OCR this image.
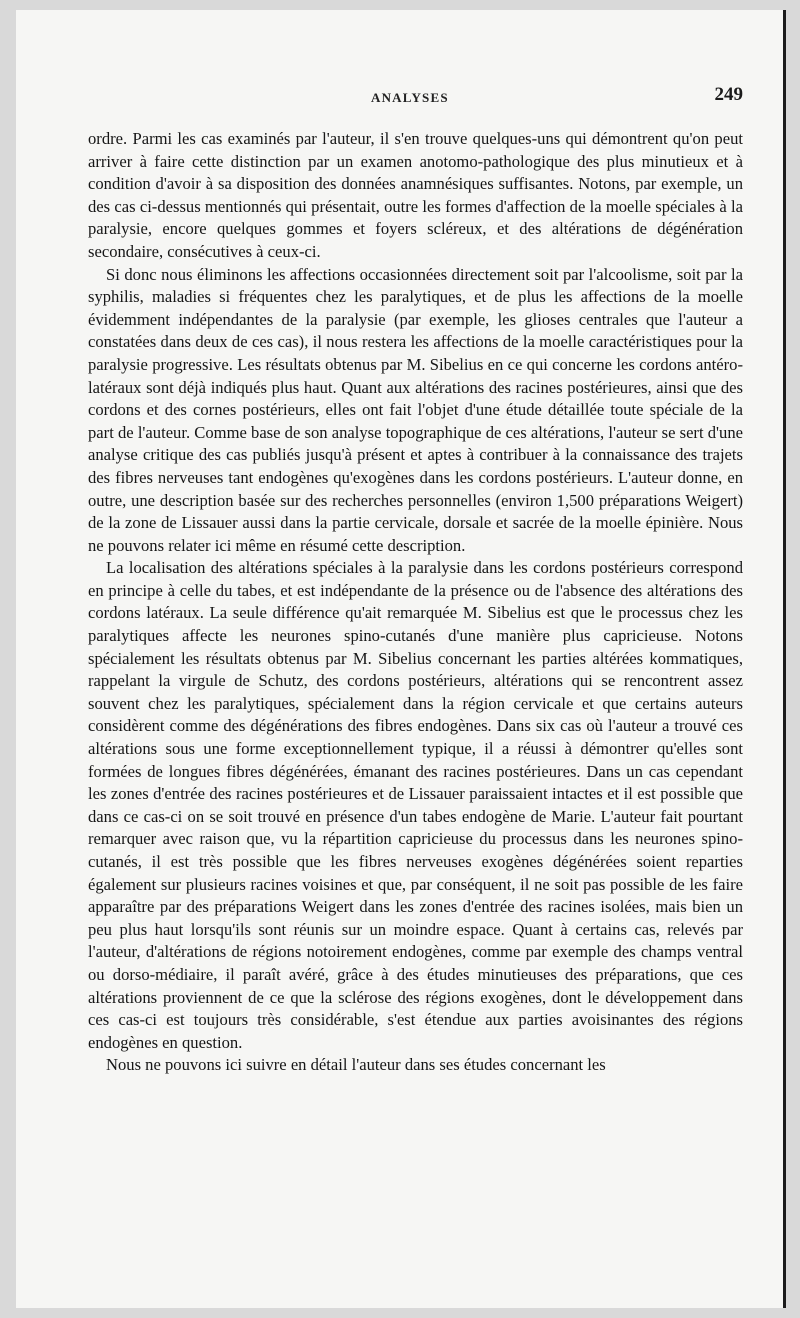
ANALYSES	249

ordre. Parmi les cas examinés par l'auteur, il s'en trouve quelques-uns qui démontrent qu'on peut arriver à faire cette distinction par un examen anotomo-pathologique des plus minutieux et à condition d'avoir à sa disposition des données anamnésiques suffisantes. Notons, par exemple, un des cas ci-dessus mentionnés qui présentait, outre les formes d'affection de la moelle spéciales à la paralysie, encore quelques gommes et foyers scléreux, et des altérations de dégénération secondaire, consécutives à ceux-ci.

Si donc nous éliminons les affections occasionnées directement soit par l'alcoolisme, soit par la syphilis, maladies si fréquentes chez les paralytiques, et de plus les affections de la moelle évidemment indépendantes de la paralysie (par exemple, les glioses centrales que l'auteur a constatées dans deux de ces cas), il nous restera les affections de la moelle caractéristiques pour la paralysie progressive. Les résultats obtenus par M. Sibelius en ce qui concerne les cordons antéro-latéraux sont déjà indiqués plus haut. Quant aux altérations des racines postérieures, ainsi que des cordons et des cornes postérieurs, elles ont fait l'objet d'une étude détaillée toute spéciale de la part de l'auteur. Comme base de son analyse topographique de ces altérations, l'auteur se sert d'une analyse critique des cas publiés jusqu'à présent et aptes à contribuer à la connaissance des trajets des fibres nerveuses tant endogènes qu'exogènes dans les cordons postérieurs. L'auteur donne, en outre, une description basée sur des recherches personnelles (environ 1,500 préparations Weigert) de la zone de Lissauer aussi dans la partie cervicale, dorsale et sacrée de la moelle épinière. Nous ne pouvons relater ici même en résumé cette description.

La localisation des altérations spéciales à la paralysie dans les cordons postérieurs correspond en principe à celle du tabes, et est indépendante de la présence ou de l'absence des altérations des cordons latéraux. La seule différence qu'ait remarquée M. Sibelius est que le processus chez les paralytiques affecte les neurones spino-cutanés d'une manière plus capricieuse. Notons spécialement les résultats obtenus par M. Sibelius concernant les parties altérées kommatiques, rappelant la virgule de Schutz, des cordons postérieurs, altérations qui se rencontrent assez souvent chez les paralytiques, spécialement dans la région cervicale et que certains auteurs considèrent comme des dégénérations des fibres endogènes. Dans six cas où l'auteur a trouvé ces altérations sous une forme exceptionnellement typique, il a réussi à démontrer qu'elles sont formées de longues fibres dégénérées, émanant des racines postérieures. Dans un cas cependant les zones d'entrée des racines postérieures et de Lissauer paraissaient intactes et il est possible que dans ce cas-ci on se soit trouvé en présence d'un tabes endogène de Marie. L'auteur fait pourtant remarquer avec raison que, vu la répartition capricieuse du processus dans les neurones spino-cutanés, il est très possible que les fibres nerveuses exogènes dégénérées soient reparties également sur plusieurs racines voisines et que, par conséquent, il ne soit pas possible de les faire apparaître par des préparations Weigert dans les zones d'entrée des racines isolées, mais bien un peu plus haut lorsqu'ils sont réunis sur un moindre espace. Quant à certains cas, relevés par l'auteur, d'altérations de régions notoirement endogènes, comme par exemple des champs ventral ou dorso-médiaire, il paraît avéré, grâce à des études minutieuses des préparations, que ces altérations proviennent de ce que la sclérose des régions exogènes, dont le développement dans ces cas-ci est toujours très considérable, s'est étendue aux parties avoisinantes des régions endogènes en question.

Nous ne pouvons ici suivre en détail l'auteur dans ses études concernant les
